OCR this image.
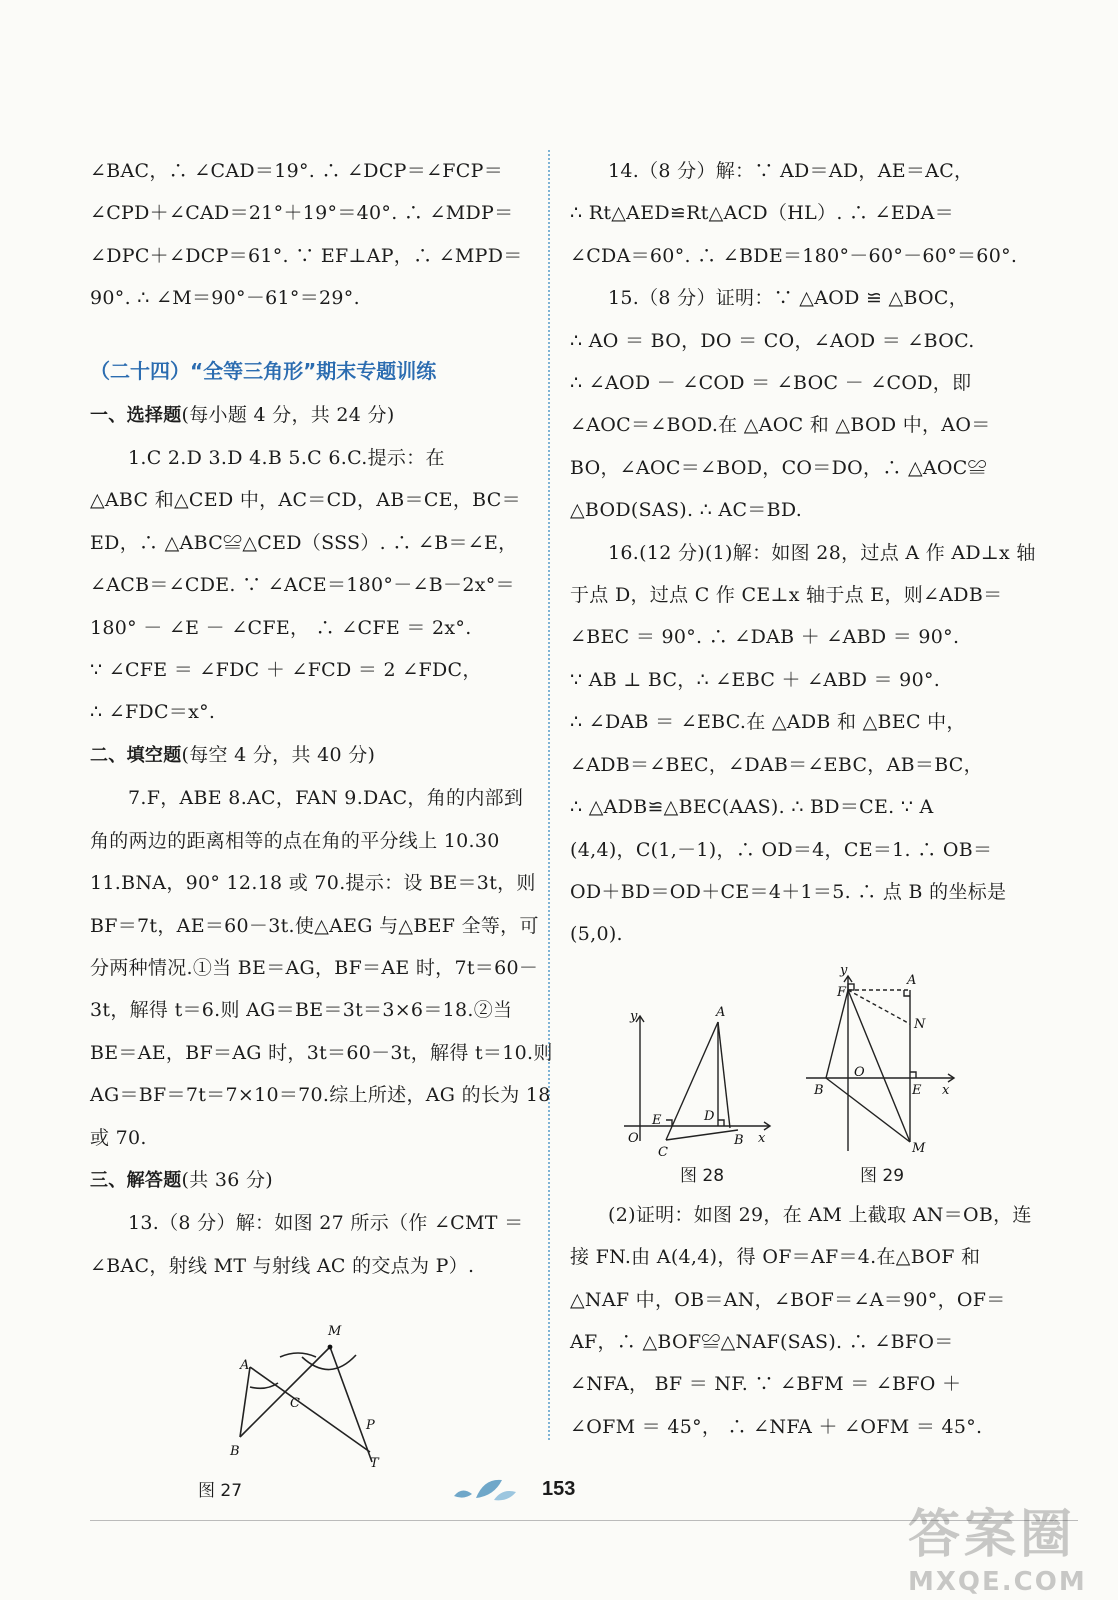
∠BAC，∴ ∠CAD＝19°. ∴ ∠DCP＝∠FCP＝
∠CPD＋∠CAD＝21°＋19°＝40°. ∴ ∠MDP＝
∠DPC＋∠DCP＝61°. ∵ EF⊥AP，∴ ∠MPD＝
90°. ∴ ∠M＝90°－61°＝29°.
（二十四）“全等三角形”期末专题训练
一、选择题(每小题 4 分，共 24 分)
1.C 2.D 3.D 4.B 5.C 6.C.提示：在
△ABC 和△CED 中，AC＝CD，AB＝CE，BC＝
ED，∴ △ABC≌△CED（SSS）. ∴ ∠B＝∠E，
∠ACB＝∠CDE. ∵ ∠ACE＝180°－∠B－2x°＝
180° － ∠E － ∠CFE， ∴ ∠CFE ＝ 2x°.
∵ ∠CFE ＝ ∠FDC ＋ ∠FCD ＝ 2 ∠FDC，
∴ ∠FDC＝x°.
二、填空题(每空 4 分，共 40 分)
7.F，ABE 8.AC，FAN 9.DAC，角的内部到
角的两边的距离相等的点在角的平分线上 10.30
11.BNA，90° 12.18 或 70.提示：设 BE＝3t，则
BF＝7t，AE＝60－3t.使△AEG 与△BEF 全等，可
分两种情况.①当 BE＝AG，BF＝AE 时，7t＝60－
3t，解得 t＝6.则 AG＝BE＝3t＝3×6＝18.②当
BE＝AE，BF＝AG 时，3t＝60－3t，解得 t＝10.则
AG＝BF＝7t＝7×10＝70.综上所述，AG 的长为 18
或 70.
三、解答题(共 36 分)
13.（8 分）解：如图 27 所示（作 ∠CMT ＝
∠BAC，射线 MT 与射线 AC 的交点为 P）.
A
B
C
M
P
T
图 27
14.（8 分）解：∵ AD＝AD，AE＝AC，
∴ Rt△AED≌Rt△ACD（HL）. ∴ ∠EDA＝
∠CDA＝60°. ∴ ∠BDE＝180°－60°－60°＝60°.
15.（8 分）证明：∵ △AOD ≌ △BOC，
∴ AO ＝ BO，DO ＝ CO，∠AOD ＝ ∠BOC.
∴ ∠AOD － ∠COD ＝ ∠BOC － ∠COD，即
∠AOC＝∠BOD.在 △AOC 和 △BOD 中，AO＝
BO，∠AOC＝∠BOD，CO＝DO，∴ △AOC≌
△BOD(SAS). ∴ AC＝BD.
16.(12 分)(1)解：如图 28，过点 A 作 AD⊥x 轴
于点 D，过点 C 作 CE⊥x 轴于点 E，则∠ADB＝
∠BEC ＝ 90°. ∴ ∠DAB ＋ ∠ABD ＝ 90°.
∵ AB ⊥ BC，∴ ∠EBC ＋ ∠ABD ＝ 90°.
∴ ∠DAB ＝ ∠EBC.在 △ADB 和 △BEC 中，
∠ADB＝∠BEC，∠DAB＝∠EBC，AB＝BC，
∴ △ADB≌△BEC(AAS). ∴ BD＝CE. ∵ A
(4,4)，C(1,－1)，∴ OD＝4，CE＝1. ∴ OB＝
OD＋BD＝OD＋CE＝4＋1＝5. ∴ 点 B 的坐标是
(5,0).
y
x
A
O
E
C
D
B
y
x
F
A
N
O
B	E
M
图 28	图 29
(2)证明：如图 29，在 AM 上截取 AN＝OB，连
接 FN.由 A(4,4)，得 OF＝AF＝4.在△BOF 和
△NAF 中，OB＝AN，∠BOF＝∠A＝90°，OF＝
AF，∴ △BOF≌△NAF(SAS). ∴ ∠BFO＝
∠NFA， BF ＝ NF. ∵ ∠BFM ＝ ∠BFO ＋
∠OFM ＝ 45°， ∴ ∠NFA ＋ ∠OFM ＝ 45°.
153
答案圈
MXQE.COM
